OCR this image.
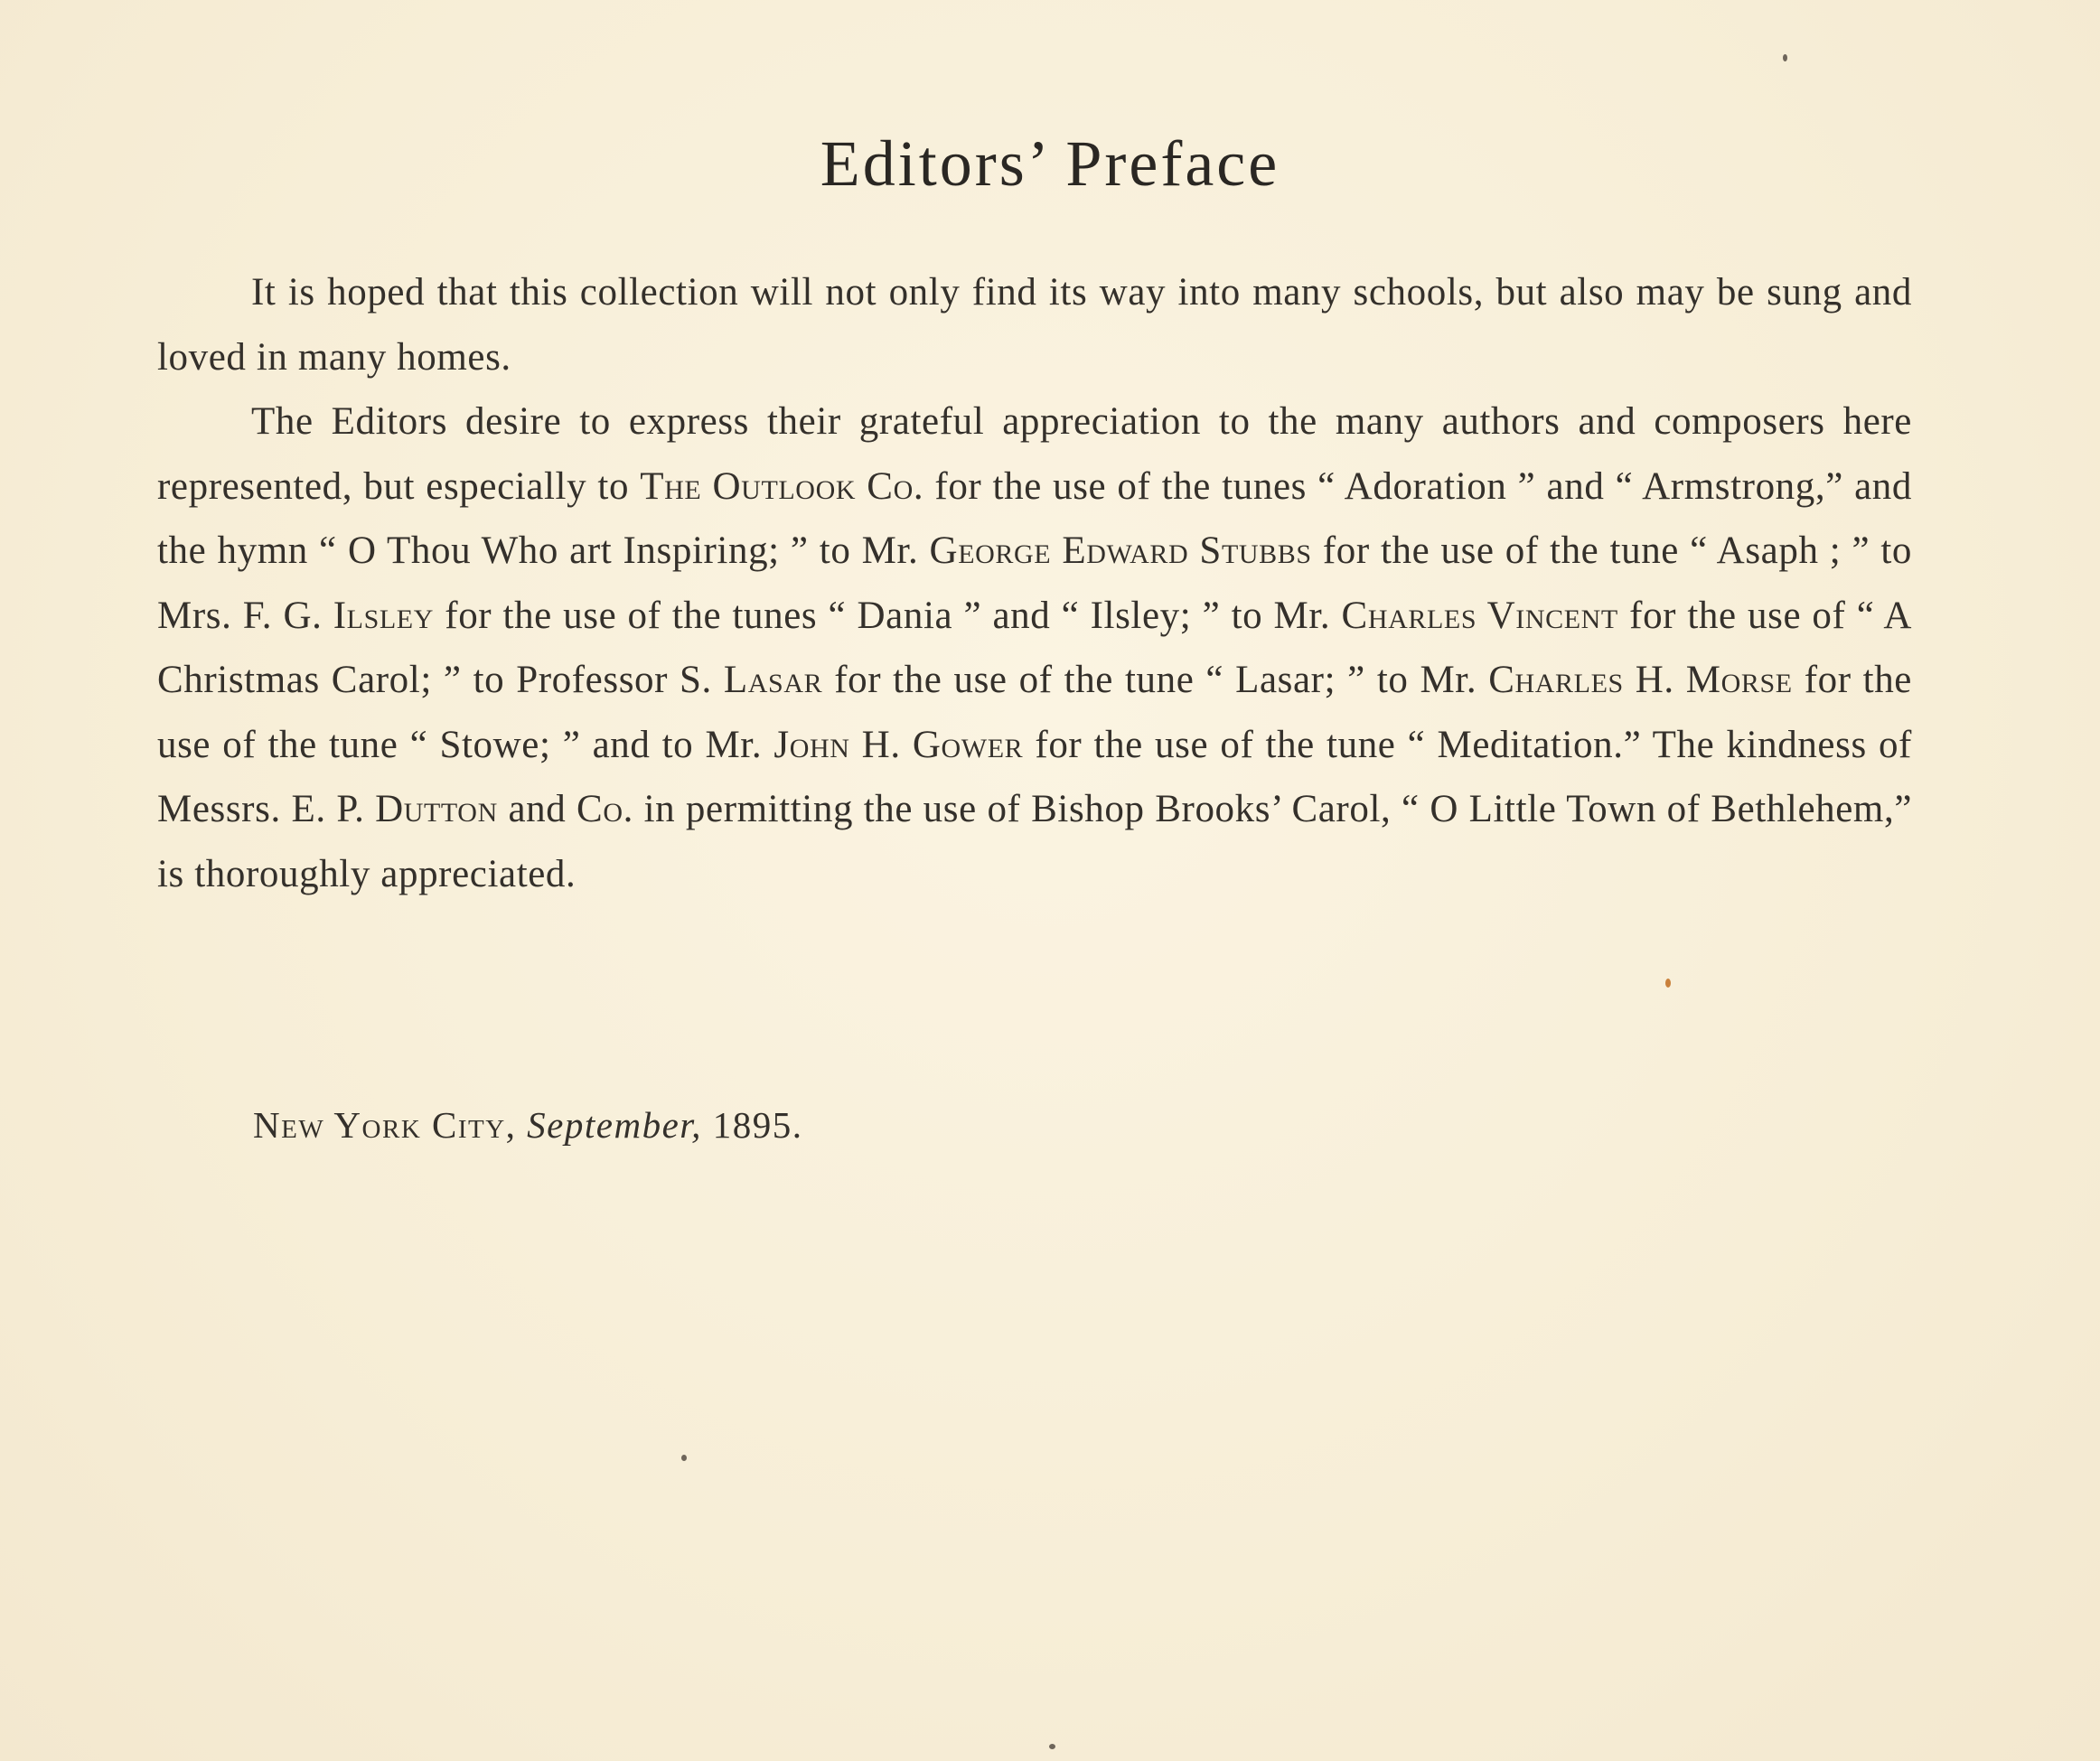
Editors’ Preface

It is hoped that this collection will not only find its way into many schools, but also may be sung and loved in many homes.

The Editors desire to express their grateful appreciation to the many authors and composers here represented, but especially to The Outlook Co. for the use of the tunes “ Adoration ” and “ Armstrong,” and the hymn “ O Thou Who art Inspiring; ” to Mr. George Edward Stubbs for the use of the tune “ Asaph ; ” to Mrs. F. G. Ilsley for the use of the tunes “ Dania ” and “ Ilsley; ” to Mr. Charles Vincent for the use of “ A Christmas Carol; ” to Professor S. Lasar for the use of the tune “ Lasar; ” to Mr. Charles H. Morse for the use of the tune “ Stowe; ” and to Mr. John H. Gower for the use of the tune “ Meditation.” The kindness of Messrs. E. P. Dutton and Co. in permitting the use of Bishop Brooks’ Carol, “ O Little Town of Bethlehem,” is thoroughly appreciated.

New York City, September, 1895.
